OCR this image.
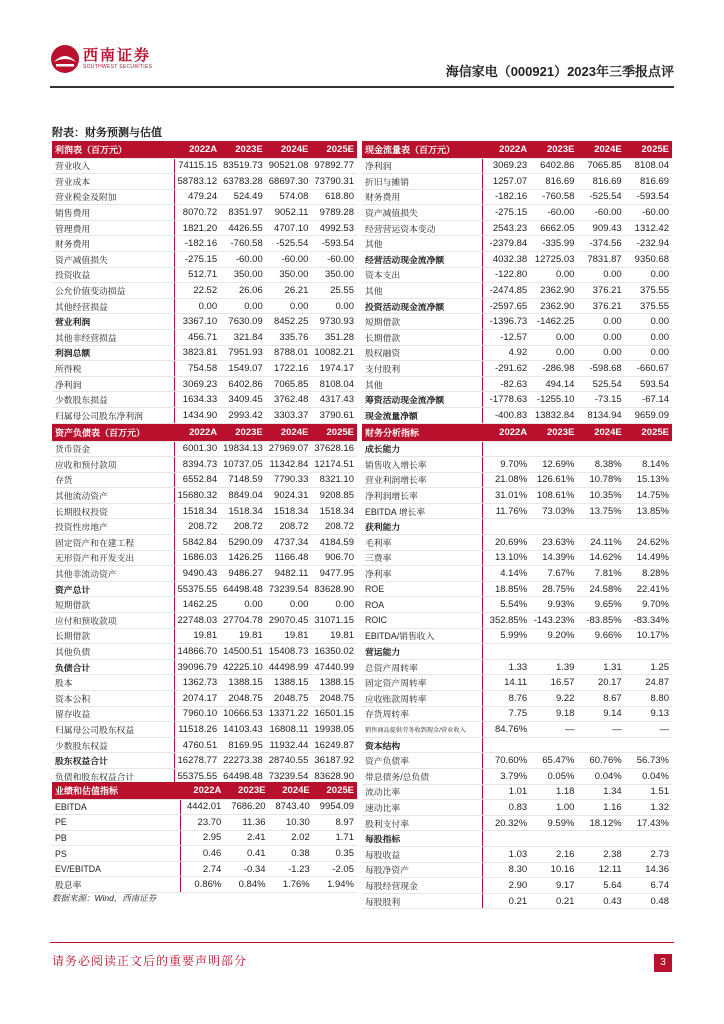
西南证券
SOUTHWEST SECURITIES	海信家电（000921）2023年三季报点评
附表：财务预测与估值
利润表（百万元）	2022A	2023E	2024E	2025E
营业收入	74115.15	83519.73	90521.08	97892.77
营业成本	58783.12	63783.28	68697.30	73790.31
营业税金及附加	479.24	524.49	574.08	618.80
销售费用	8070.72	8351.97	9052.11	9789.28
管理费用	1821.20	4426.55	4707.10	4992.53
财务费用	-182.16	-760.58	-525.54	-593.54
资产减值损失	-275.15	-60.00	-60.00	-60.00
投资收益	512.71	350.00	350.00	350.00
公允价值变动损益	22.52	26.06	26.21	25.55
其他经营损益	0.00	0.00	0.00	0.00
营业利润	3367.10	7630.09	8452.25	9730.93
其他非经营损益	456.71	321.84	335.76	351.28
利润总额	3823.81	7951.93	8788.01	10082.21
所得税	754.58	1549.07	1722.16	1974.17
净利润	3069.23	6402.86	7065.85	8108.04
少数股东损益	1634.33	3409.45	3762.48	4317.43
归属母公司股东净利润	1434.90	2993.42	3303.37	3790.61
现金流量表（百万元）	2022A	2023E	2024E	2025E
净利润	3069.23	6402.86	7065.85	8108.04
折旧与摊销	1257.07	816.69	816.69	816.69
财务费用	-182.16	-760.58	-525.54	-593.54
资产减值损失	-275.15	-60.00	-60.00	-60.00
经营营运资本变动	2543.23	6662.05	909.43	1312.42
其他	-2379.84	-335.99	-374.56	-232.94
经营活动现金流净额	4032.38	12725.03	7831.87	9350.68
资本支出	-122.80	0.00	0.00	0.00
其他	-2474.85	2362.90	376.21	375.55
投资活动现金流净额	-2597.65	2362.90	376.21	375.55
短期借款	-1396.73	-1462.25	0.00	0.00
长期借款	-12.57	0.00	0.00	0.00
股权融资	4.92	0.00	0.00	0.00
支付股利	-291.62	-286.98	-598.68	-660.67
其他	-82.63	494.14	525.54	593.54
筹资活动现金流净额	-1778.63	-1255.10	-73.15	-67.14
现金流量净额	-400.83	13832.84	8134.94	9659.09
资产负债表（百万元）	2022A	2023E	2024E	2025E
货币资金	6001.30	19834.13	27969.07	37628.16
应收和预付款项	8394.73	10737.05	11342.84	12174.51
存货	6552.84	7148.59	7790.33	8321.10
其他流动资产	15680.32	8849.04	9024.31	9208.85
长期股权投资	1518.34	1518.34	1518.34	1518.34
投资性房地产	208.72	208.72	208.72	208.72
固定资产和在建工程	5842.84	5290.09	4737.34	4184.59
无形资产和开发支出	1686.03	1426.25	1166.48	906.70
其他非流动资产	9490.43	9486.27	9482.11	9477.95
资产总计	55375.55	64498.48	73239.54	83628.90
短期借款	1462.25	0.00	0.00	0.00
应付和预收款项	22748.03	27704.78	29070.45	31071.15
长期借款	19.81	19.81	19.81	19.81
其他负债	14866.70	14500.51	15408.73	16350.02
负债合计	39096.79	42225.10	44498.99	47440.99
股本	1362.73	1388.15	1388.15	1388.15
资本公积	2074.17	2048.75	2048.75	2048.75
留存收益	7960.10	10666.53	13371.22	16501.15
归属母公司股东权益	11518.26	14103.43	16808.11	19938.05
少数股东权益	4760.51	8169.95	11932.44	16249.87
股东权益合计	16278.77	22273.38	28740.55	36187.92
负债和股东权益合计	55375.55	64498.48	73239.54	83628.90
财务分析指标	2022A	2023E	2024E	2025E
成长能力				
销售收入增长率	9.70%	12.69%	8.38%	8.14%
营业利润增长率	21.08%	126.61%	10.78%	15.13%
净利润增长率	31.01%	108.61%	10.35%	14.75%
EBITDA 增长率	11.76%	73.03%	13.75%	13.85%
获利能力				
毛利率	20.69%	23.63%	24.11%	24.62%
三费率	13.10%	14.39%	14.62%	14.49%
净利率	4.14%	7.67%	7.81%	8.28%
ROE	18.85%	28.75%	24.58%	22.41%
ROA	5.54%	9.93%	9.65%	9.70%
ROIC	352.85%	-143.23%	-83.85%	-83.34%
EBITDA/销售收入	5.99%	9.20%	9.66%	10.17%
营运能力				
总资产周转率	1.33	1.39	1.31	1.25
固定资产周转率	14.11	16.57	20.17	24.87
应收账款周转率	8.76	9.22	8.67	8.80
存货周转率	7.75	9.18	9.14	9.13
销售商品提供劳务收到现金/营业收入	84.76%	—	—	—
资本结构				
资产负债率	70.60%	65.47%	60.76%	56.73%
带息债务/总负债	3.79%	0.05%	0.04%	0.04%
流动比率	1.01	1.18	1.34	1.51
速动比率	0.83	1.00	1.16	1.32
股利支付率	20.32%	9.59%	18.12%	17.43%
每股指标				
每股收益	1.03	2.16	2.38	2.73
每股净资产	8.30	10.16	12.11	14.36
每股经营现金	2.90	9.17	5.64	6.74
每股股利	0.21	0.21	0.43	0.48
业绩和估值指标	2022A	2023E	2024E	2025E
EBITDA	4442.01	7686.20	8743.40	9954.09
PE	23.70	11.36	10.30	8.97
PB	2.95	2.41	2.02	1.71
PS	0.46	0.41	0.38	0.35
EV/EBITDA	2.74	-0.34	-1.23	-2.05
股息率	0.86%	0.84%	1.76%	1.94%
数据来源：Wind，西南证券
请务必阅读正文后的重要声明部分	3
